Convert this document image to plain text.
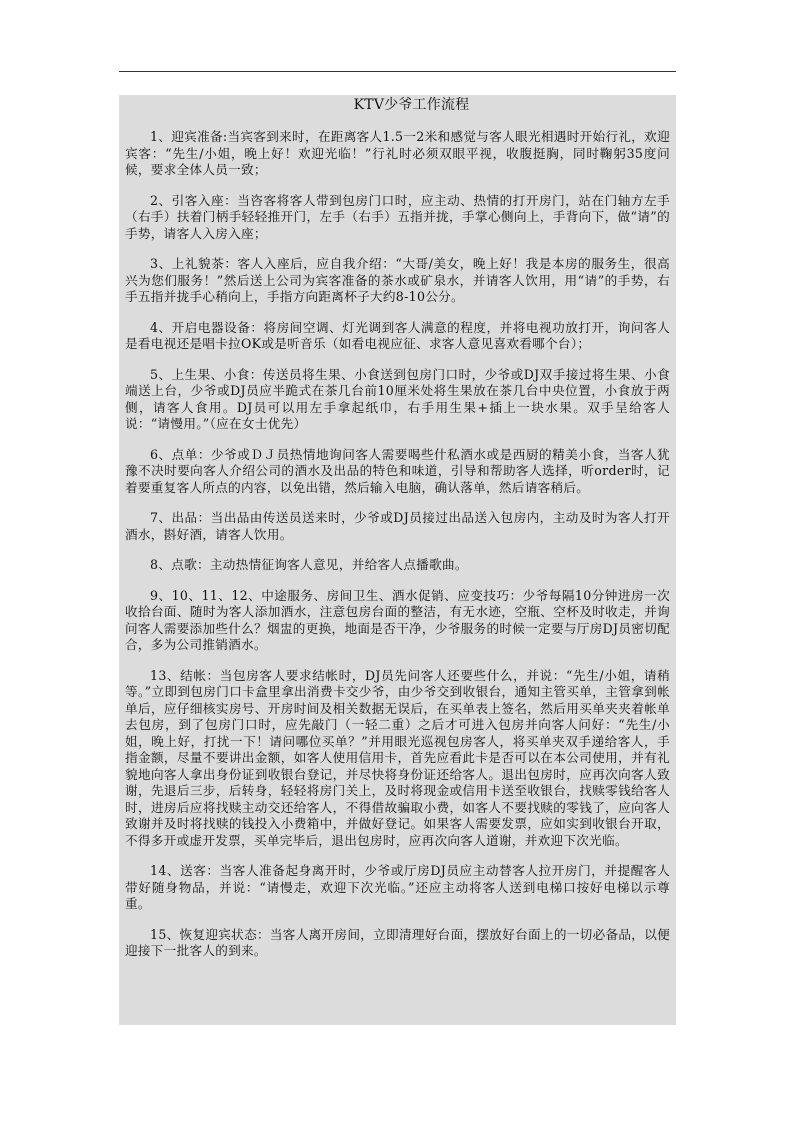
KTV少爷工作流程

1、迎宾准备:当宾客到来时，在距离客人1.5一2米和感觉与客人眼光相遇时开始行礼，欢迎宾客：“先生/小姐，晚上好！欢迎光临！”行礼时必须双眼平视，收腹挺胸，同时鞠躬35度问候，要求全体人员一致；

2、引客入座：当咨客将客人带到包房门口时，应主动、热情的打开房门，站在门轴方左手（右手）扶着门柄手轻轻推开门，左手（右手）五指并拢，手掌心侧向上，手背向下，做“请”的手势，请客人入房入座；

3、上礼貌茶：客人入座后，应自我介绍：“大哥/美女，晚上好！我是本房的服务生，很高兴为您们服务！”然后送上公司为宾客准备的茶水或矿泉水，并请客人饮用，用“请”的手势，右手五指并拢手心稍向上，手指方向距离杯子大约8-10公分。

4、开启电器设备：将房间空调、灯光调到客人满意的程度，并将电视功放打开，询问客人是看电视还是唱卡拉OK或是听音乐（如看电视应征、求客人意见喜欢看哪个台）；

5、上生果、小食：传送员将生果、小食送到包房门口时，少爷或DJ双手接过将生果、小食端送上台，少爷或DJ员应半跪式在茶几台前10厘米处将生果放在茶几台中央位置，小食放于两侧，请客人食用。DJ员可以用左手拿起纸巾，右手用生果+插上一块水果。双手呈给客人说：“请慢用。”（应在女士优先）

6、点单：少爷或ＤＪ员热情地询问客人需要喝些什私酒水或是西厨的精美小食，当客人犹豫不决时要向客人介绍公司的酒水及出品的特色和味道，引导和帮助客人选择，听order时，记着要重复客人所点的内容，以免出错，然后输入电脑，确认落单，然后请客稍后。

7、出品：当出品由传送员送来时，少爷或DJ员接过出品送入包房内，主动及时为客人打开酒水，斟好酒，请客人饮用。

8、点歌：主动热情征询客人意见，并给客人点播歌曲。

9、10、11、12、中途服务、房间卫生、酒水促销、应变技巧：少爷每隔10分钟进房一次收拾台面、随时为客人添加酒水，注意包房台面的整洁，有无水迹，空瓶、空杯及时收走，并询问客人需要添加些什么？烟盅的更换，地面是否干净，少爷服务的时候一定要与厅房DJ员密切配合，多为公司推销酒水。

13、结帐：当包房客人要求结帐时，DJ员先问客人还要些什么，并说：“先生/小姐，请稍等。”立即到包房门口卡盒里拿出消费卡交少爷，由少爷交到收银台，通知主管买单，主管拿到帐单后，应仔细核实房号、开房时间及相关数据无误后，在买单表上签名，然后用买单夹夹着帐单去包房，到了包房门口时，应先敲门（一轻二重）之后才可进入包房并向客人问好：“先生/小姐，晚上好，打扰一下！请问哪位买单？”并用眼光巡视包房客人，将买单夹双手递给客人，手指金额，尽量不要讲出金额，如客人使用信用卡，首先应看此卡是否可以在本公司使用，并有礼貌地向客人拿出身份证到收银台登记，并尽快将身份证还给客人。退出包房时，应再次向客人致谢，先退后三步，后转身，轻轻将房门关上，及时将现金或信用卡送至收银台，找赎零钱给客人时，进房后应将找赎主动交还给客人，不得借故骗取小费，如客人不要找赎的零钱了，应向客人致谢并及时将找赎的钱投入小费箱中，并做好登记。如果客人需要发票，应如实到收银台开取，不得多开或虚开发票，买单完毕后，退出包房时，应再次向客人道谢，并欢迎下次光临。

14、送客：当客人准备起身离开时，少爷或厅房DJ员应主动替客人拉开房门，并提醒客人带好随身物品，并说：“请慢走，欢迎下次光临。”还应主动将客人送到电梯口按好电梯以示尊重。

15、恢复迎宾状态：当客人离开房间，立即清理好台面，摆放好台面上的一切必备品，以便迎接下一批客人的到来。
